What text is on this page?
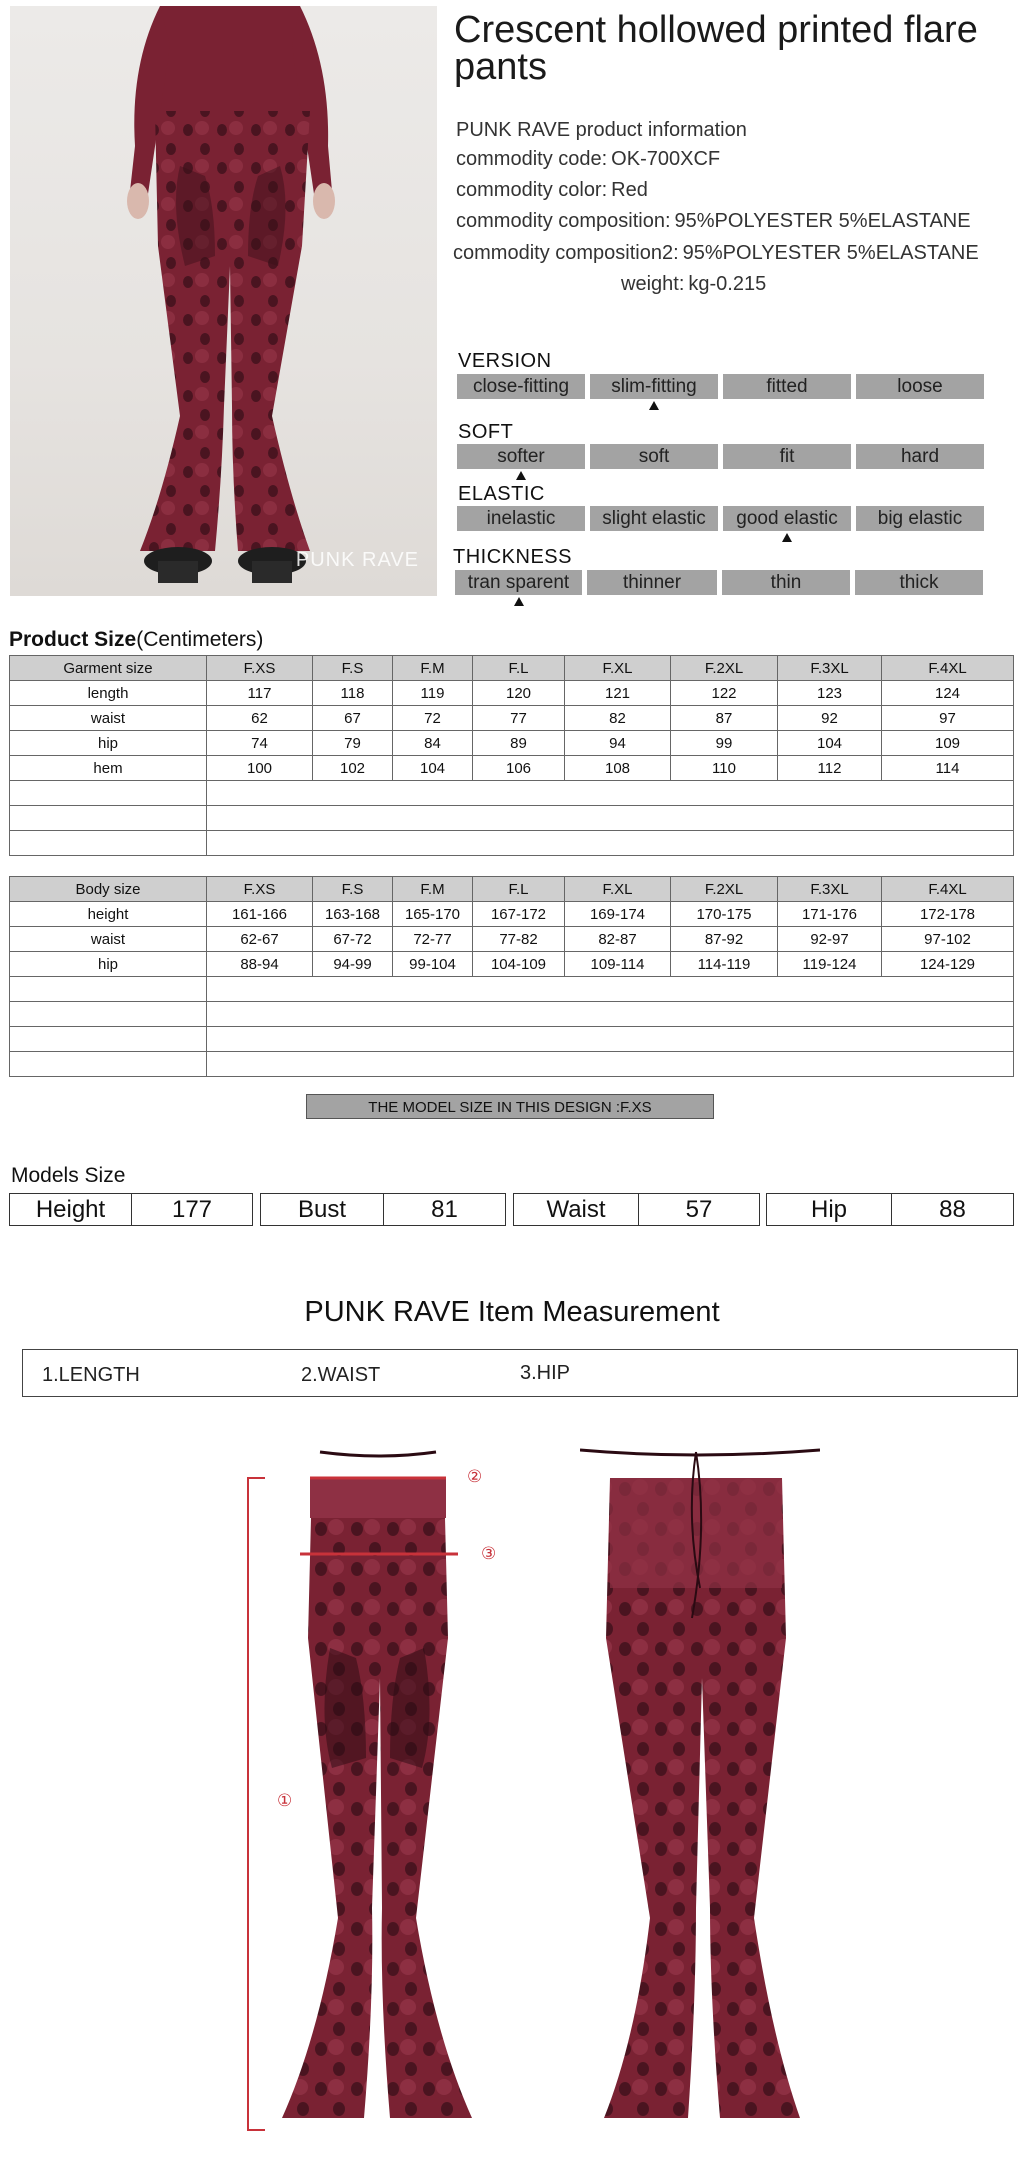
PUNK RAVE
Crescent hollowed printed flare pants
PUNK RAVE product information
commodity code: OK-700XCF
commodity color: Red
commodity composition: 95%POLYESTER 5%ELASTANE
commodity composition2: 95%POLYESTER 5%ELASTANE
weight: kg-0.215
VERSION
close-fitting	slim-fitting	fitted	loose
SOFT
softer	soft	fit	hard
ELASTIC
inelastic	slight elastic	good elastic	big elastic
THICKNESS
tran sparent	thinner	thin	thick
Product Size(Centimeters)
Garment size	F.XS	F.S	F.M	F.L	F.XL	F.2XL	F.3XL	F.4XL
length	117	118	119	120	121	122	123	124
waist	62	67	72	77	82	87	92	97
hip	74	79	84	89	94	99	104	109
hem	100	102	104	106	108	110	112	114

Body size	F.XS	F.S	F.M	F.L	F.XL	F.2XL	F.3XL	F.4XL
height	161-166	163-168	165-170	167-172	169-174	170-175	171-176	172-178
waist	62-67	67-72	72-77	77-82	82-87	87-92	92-97	97-102
hip	88-94	94-99	99-104	104-109	109-114	114-119	119-124	124-129

THE MODEL SIZE IN THIS DESIGN :F.XS
Models Size
Height	177	Bust	81	Waist	57	Hip	88
PUNK RAVE Item Measurement
1.LENGTH	2.WAIST	3.HIP
①
②
③
